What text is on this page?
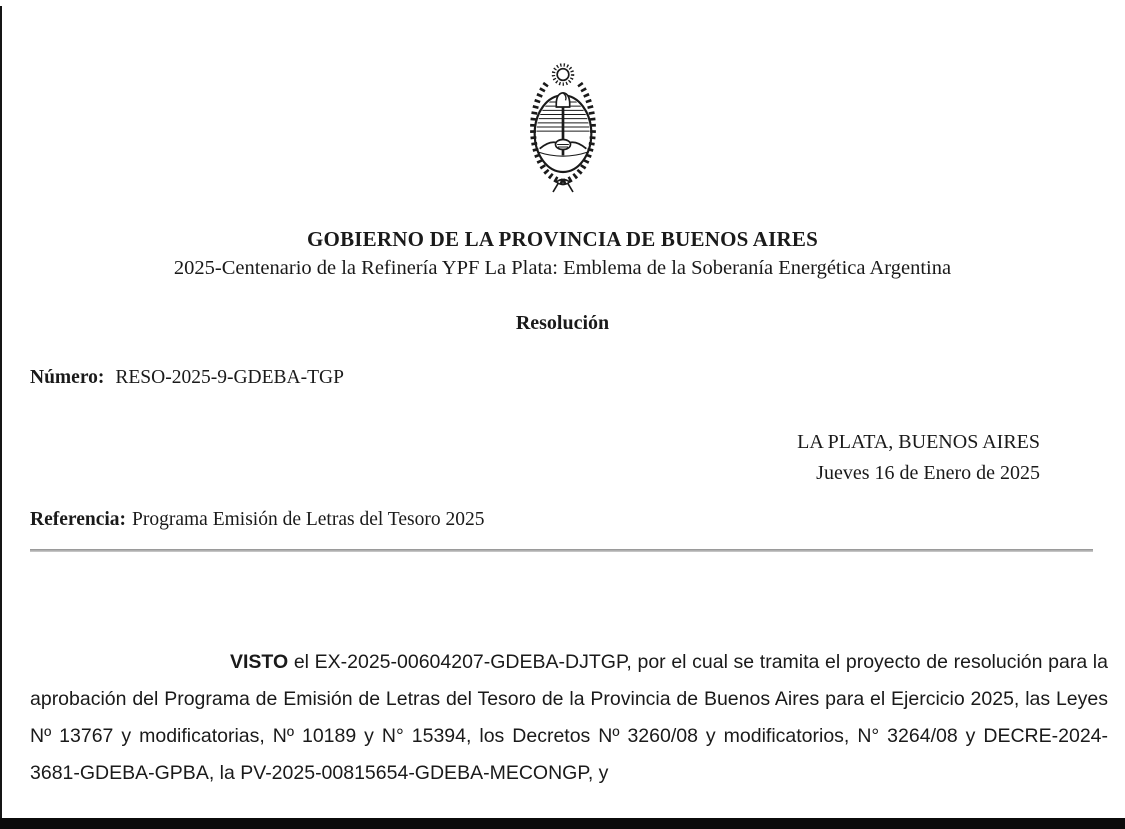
GOBIERNO DE LA PROVINCIA DE BUENOS AIRES
2025-Centenario de la Refinería YPF La Plata: Emblema de la Soberanía Energética Argentina
Resolución
Número: RESO-2025-9-GDEBA-TGP
LA PLATA, BUENOS AIRES
Jueves 16 de Enero de 2025
Referencia: Programa Emisión de Letras del Tesoro 2025

VISTO el EX-2025-00604207-GDEBA-DJTGP, por el cual se tramita el proyecto de resolución para la aprobación del Programa de Emisión de Letras del Tesoro de la Provincia de Buenos Aires para el Ejercicio 2025, las Leyes Nº 13767 y modificatorias, Nº 10189 y N° 15394, los Decretos Nº 3260/08 y modificatorios, N° 3264/08 y DECRE-2024-3681-GDEBA-GPBA, la PV-2025-00815654-GDEBA-MECONGP, y
